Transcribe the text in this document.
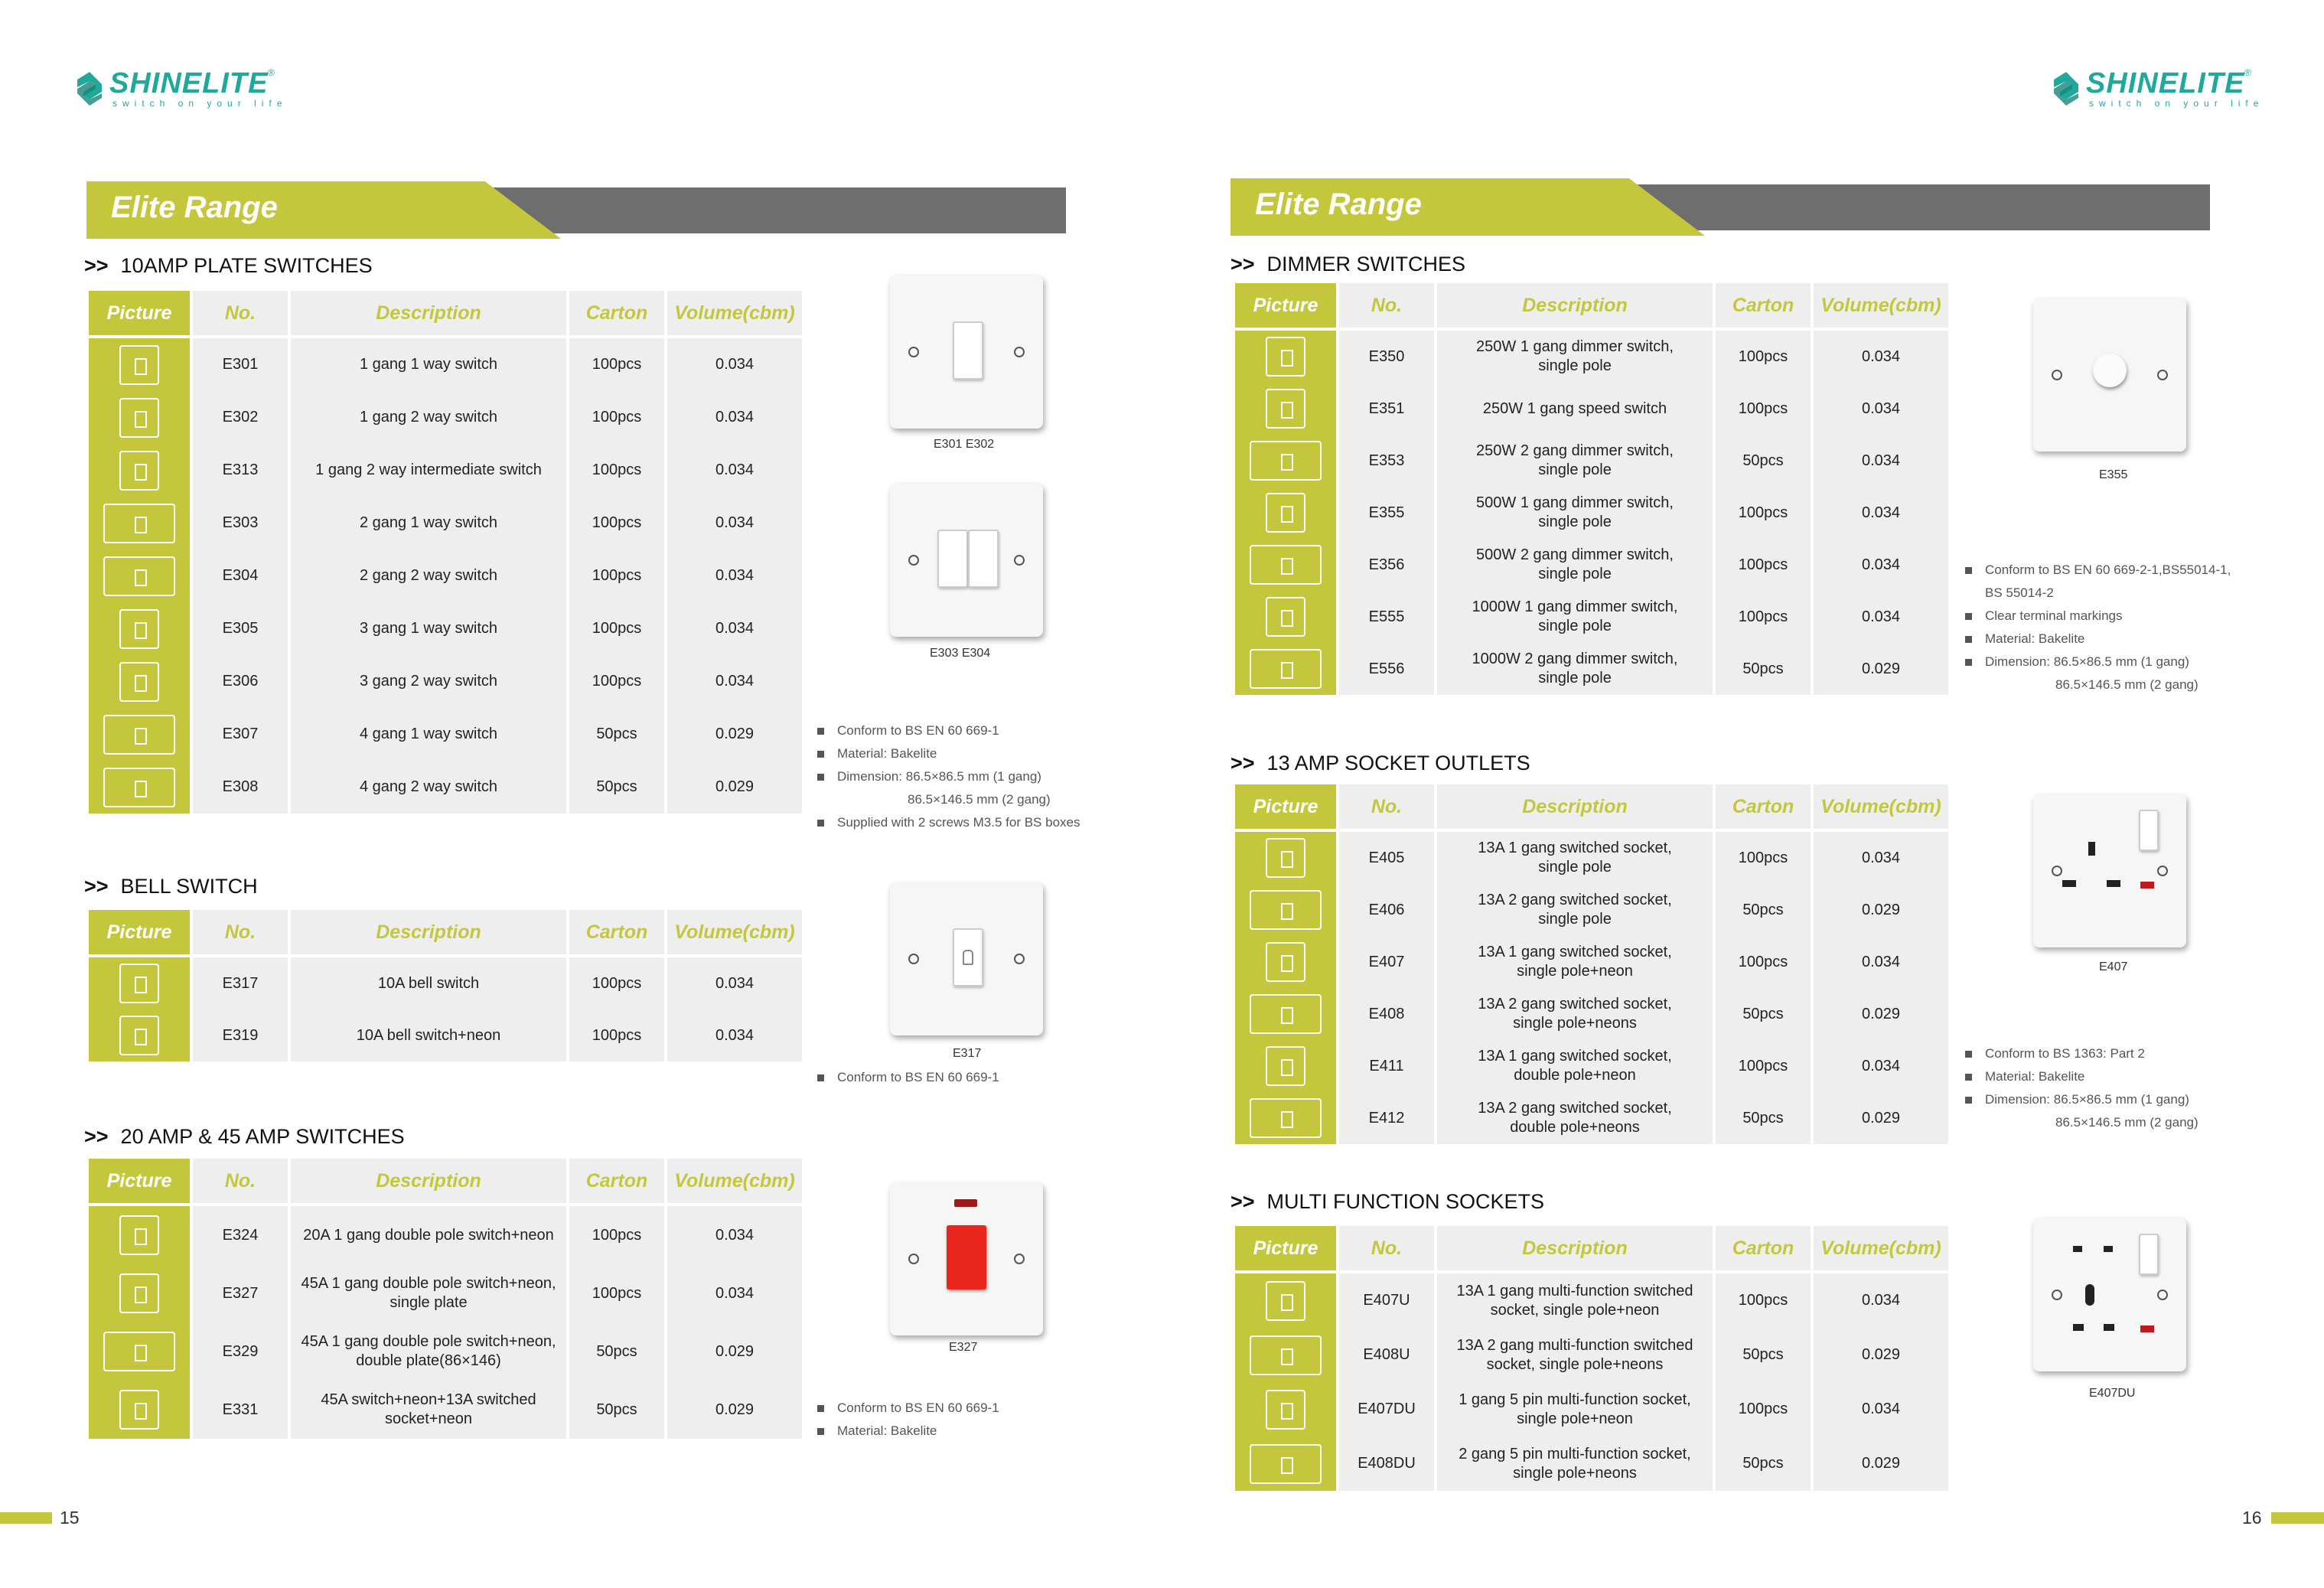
SHINELITE ®
switch on your life
SHINELITE ®
switch on your life
Elite Range	Elite Range
>> 10AMP PLATE SWITCHES
Picture	No.	Description	Carton	Volume(cbm)
	E301	1 gang 1 way switch	100pcs	0.034
	E302	1 gang 2 way switch	100pcs	0.034
	E313	1 gang 2 way intermediate switch	100pcs	0.034
	E303	2 gang 1 way switch	100pcs	0.034
	E304	2 gang 2 way switch	100pcs	0.034
	E305	3 gang 1 way switch	100pcs	0.034
	E306	3 gang 2 way switch	100pcs	0.034
	E307	4 gang 1 way switch	50pcs	0.029
	E308	4 gang 2 way switch	50pcs	0.029
E301 E302
E303 E304
Conform to BS EN 60 669-1
Material: Bakelite
Dimension: 86.5×86.5 mm (1 gang)
86.5×146.5 mm (2 gang)
Supplied with 2 screws M3.5 for BS boxes
>> BELL SWITCH
Picture	No.	Description	Carton	Volume(cbm)
	E317	10A bell switch	100pcs	0.034
	E319	10A bell switch+neon	100pcs	0.034
E317
Conform to BS EN 60 669-1
>> 20 AMP & 45 AMP SWITCHES
Picture	No.	Description	Carton	Volume(cbm)
	E324	20A 1 gang double pole switch+neon	100pcs	0.034
	E327	45A 1 gang double pole switch+neon,
single plate	100pcs	0.034
	E329	45A 1 gang double pole switch+neon,
double plate(86×146)	50pcs	0.029
	E331	45A switch+neon+13A switched
socket+neon	50pcs	0.029
E327
Conform to BS EN 60 669-1
Material: Bakelite
>> DIMMER SWITCHES
Picture	No.	Description	Carton	Volume(cbm)
	E350	250W 1 gang dimmer switch,
single pole	100pcs	0.034
	E351	250W 1 gang speed switch	100pcs	0.034
	E353	250W 2 gang dimmer switch,
single pole	50pcs	0.034
	E355	500W 1 gang dimmer switch,
single pole	100pcs	0.034
	E356	500W 2 gang dimmer switch,
single pole	100pcs	0.034
	E555	1000W 1 gang dimmer switch,
single pole	100pcs	0.034
	E556	1000W 2 gang dimmer switch,
single pole	50pcs	0.029
E355
Conform to BS EN 60 669-2-1,BS55014-1,
BS 55014-2
Clear terminal markings
Material: Bakelite
Dimension: 86.5×86.5 mm (1 gang)
86.5×146.5 mm (2 gang)
>> 13 AMP SOCKET OUTLETS
Picture	No.	Description	Carton	Volume(cbm)
	E405	13A 1 gang switched socket,
single pole	100pcs	0.034
	E406	13A 2 gang switched socket,
single pole	50pcs	0.029
	E407	13A 1 gang switched socket,
single pole+neon	100pcs	0.034
	E408	13A 2 gang switched socket,
single pole+neons	50pcs	0.029
	E411	13A 1 gang switched socket,
double pole+neon	100pcs	0.034
	E412	13A 2 gang switched socket,
double pole+neons	50pcs	0.029
E407
Conform to BS 1363: Part 2
Material: Bakelite
Dimension: 86.5×86.5 mm (1 gang)
86.5×146.5 mm (2 gang)
>> MULTI FUNCTION SOCKETS
Picture	No.	Description	Carton	Volume(cbm)
	E407U	13A 1 gang multi-function switched
socket, single pole+neon	100pcs	0.034
	E408U	13A 2 gang multi-function switched
socket, single pole+neons	50pcs	0.029
	E407DU	1 gang 5 pin multi-function socket,
single pole+neon	100pcs	0.034
	E408DU	2 gang 5 pin multi-function socket,
single pole+neons	50pcs	0.029
E407DU
15	16
